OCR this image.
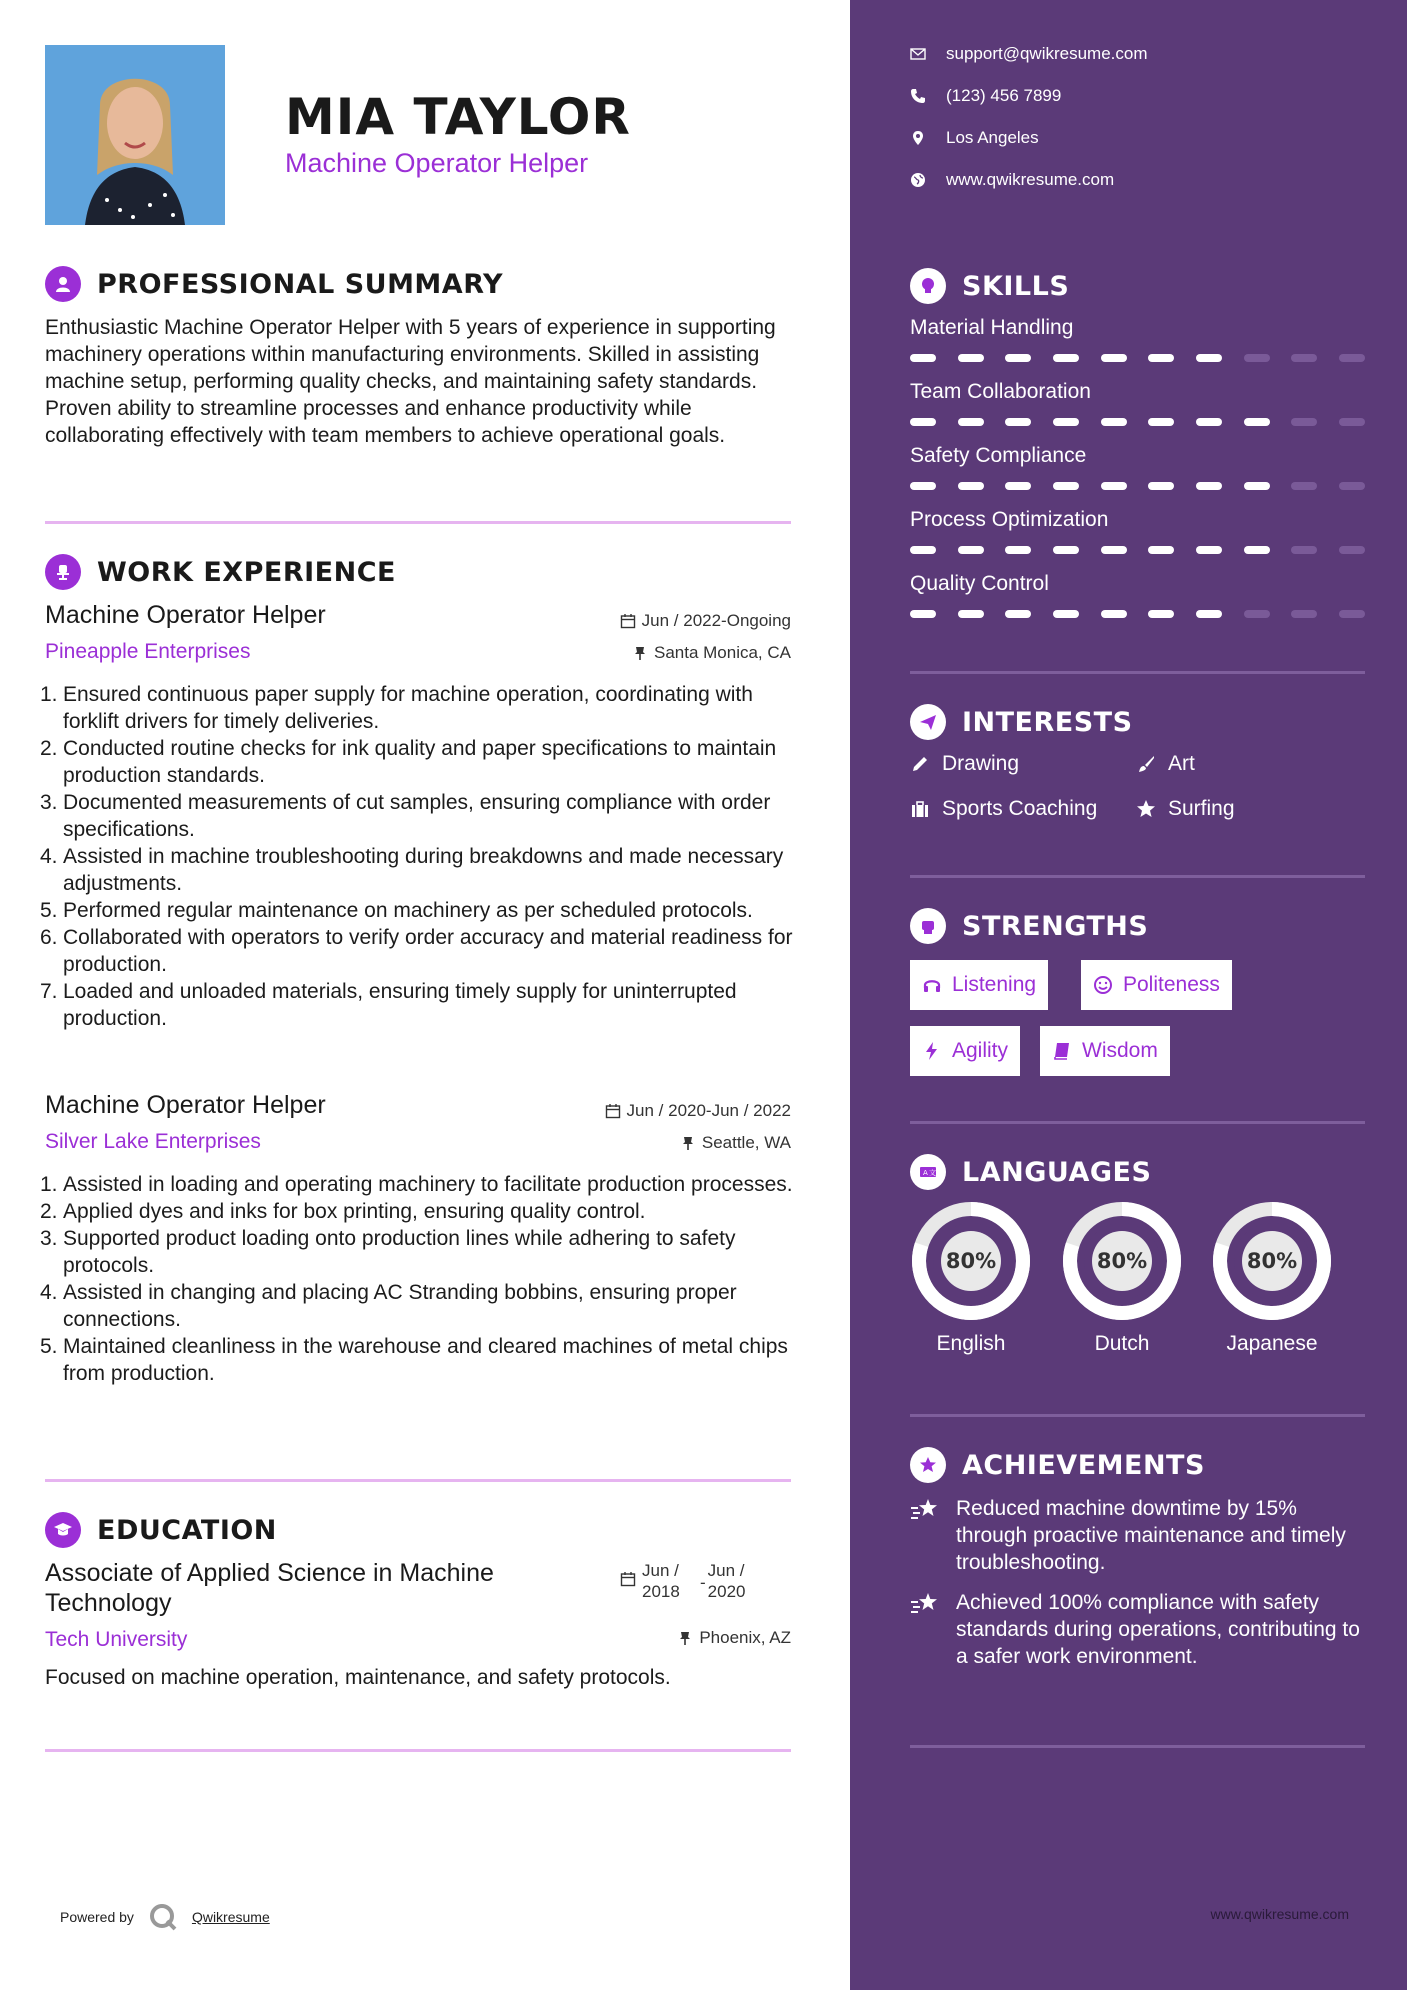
MIA TAYLOR
Machine Operator Helper
PROFESSIONAL SUMMARY
Enthusiastic Machine Operator Helper with 5 years of experience in supporting machinery operations within manufacturing environments. Skilled in assisting machine setup, performing quality checks, and maintaining safety standards. Proven ability to streamline processes and enhance productivity while collaborating effectively with team members to achieve operational goals.
WORK EXPERIENCE
Machine Operator Helper	Jun / 2022-Ongoing
Pineapple Enterprises	Santa Monica, CA
1. Ensured continuous paper supply for machine operation, coordinating with forklift drivers for timely deliveries.
2. Conducted routine checks for ink quality and paper specifications to maintain production standards.
3. Documented measurements of cut samples, ensuring compliance with order specifications.
4. Assisted in machine troubleshooting during breakdowns and made necessary adjustments.
5. Performed regular maintenance on machinery as per scheduled protocols.
6. Collaborated with operators to verify order accuracy and material readiness for production.
7. Loaded and unloaded materials, ensuring timely supply for uninterrupted production.
Machine Operator Helper	Jun / 2020-Jun / 2022
Silver Lake Enterprises	Seattle, WA
1. Assisted in loading and operating machinery to facilitate production processes.
2. Applied dyes and inks for box printing, ensuring quality control.
3. Supported product loading onto production lines while adhering to safety protocols.
4. Assisted in changing and placing AC Stranding bobbins, ensuring proper connections.
5. Maintained cleanliness in the warehouse and cleared machines of metal chips from production.
EDUCATION
Associate of Applied Science in Machine Technology
Jun / 2018	-
Jun / 2020
Tech University	Phoenix, AZ
Focused on machine operation, maintenance, and safety protocols.
Powered by	Qwikresume
support@qwikresume.com
(123) 456 7899
Los Angeles
www.qwikresume.com
SKILLS
INTERESTS
Drawing	Art
Sports Coaching	Surfing
STRENGTHS
Listening	Politeness
Agility	Wisdom
A 文 LANGUAGES
ACHIEVEMENTS
Reduced machine downtime by 15% through proactive maintenance and timely troubleshooting.
Achieved 100% compliance with safety standards during operations, contributing to a safer work environment.
www.qwikresume.com
Material Handling
Team Collaboration
Safety Compliance
Process Optimization
Quality Control
80%
English
80%
Dutch
80%
Japanese
